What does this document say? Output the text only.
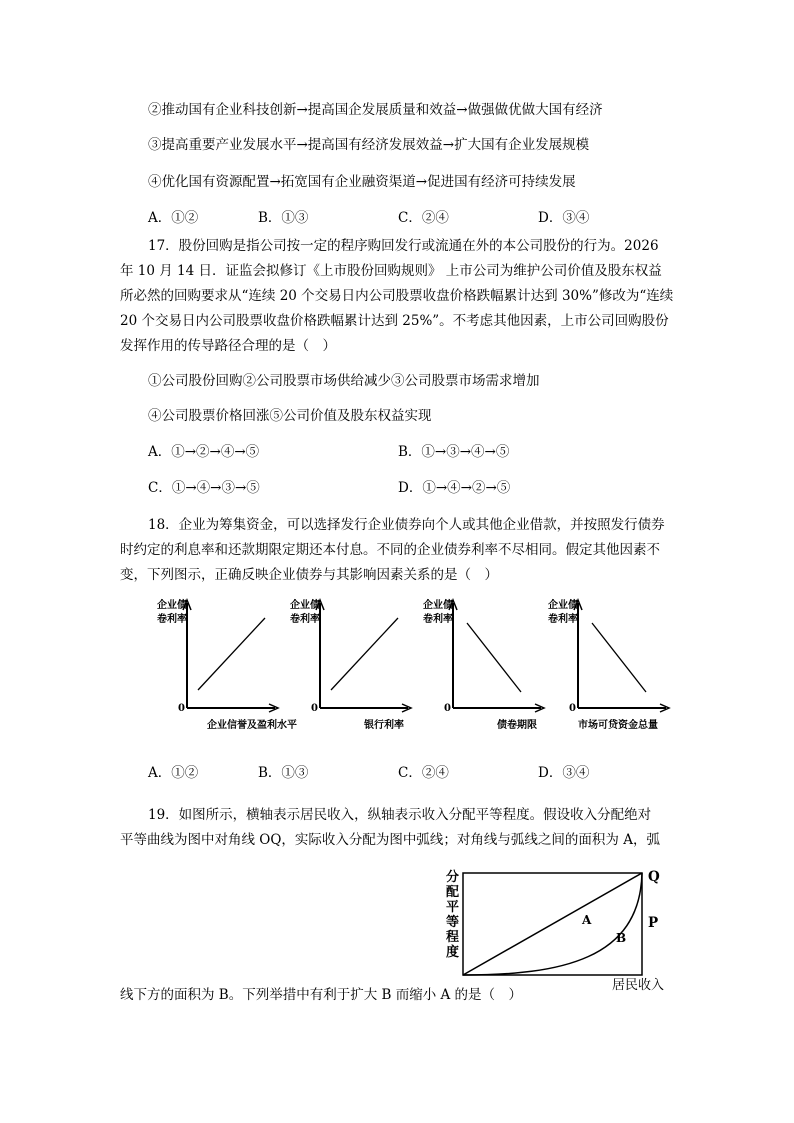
②推动国有企业科技创新→提高国企发展质量和效益→做强做优做大国有经济
③提高重要产业发展水平→提高国有经济发展效益→扩大国有企业发展规模
④优化国有资源配置→拓宽国有企业融资渠道→促进国有经济可持续发展
A．①②	B．①③	C．②④	D．③④
17．股份回购是指公司按一定的程序购回发行或流通在外的本公司股份的行为。2026
年 10 月 14 日．证监会拟修订《上市股份回购规则》 上市公司为维护公司价值及股东权益
所必然的回购要求从“连续 20 个交易日内公司股票收盘价格跌幅累计达到 30%”修改为“连续
20 个交易日内公司股票收盘价格跌幅累计达到 25%”。不考虑其他因素，上市公司回购股份
发挥作用的传导路径合理的是（　）
①公司股份回购②公司股票市场供给减少③公司股票市场需求增加
④公司股票价格回涨⑤公司价值及股东权益实现
A．①→②→④→⑤	B．①→③→④→⑤
C．①→④→③→⑤	D．①→④→②→⑤
18．企业为筹集资金，可以选择发行企业债券向个人或其他企业借款，并按照发行债券
时约定的利息率和还款期限定期还本付息。不同的企业债券利率不尽相同。假定其他因素不
变，下列图示，正确反映企业债券与其影响因素关系的是（　）
企业债
卷利率
0
企业信誉及盈利水平
企业债
卷利率
0
银行利率
企业债
卷利率
0
债卷期限
企业债
卷利率
0
市场可贷资金总量
A．①②	B．①③	C．②④	D．③④
19．如图所示，横轴表示居民收入，纵轴表示收入分配平等程度。假设收入分配绝对
平等曲线为图中对角线 OQ，实际收入分配为图中弧线；对角线与弧线之间的面积为 A，弧
线下方的面积为 B。下列举措中有利于扩大 B 而缩小 A 的是（　）
分
配
平
等
程
度
Q
P
A
B
居民收入
